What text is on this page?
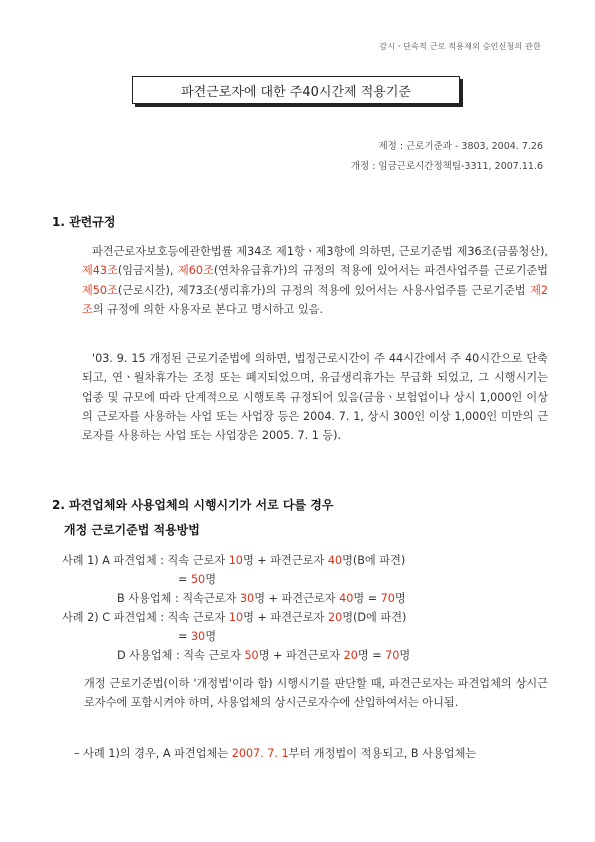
감시ㆍ단속적 근로 적용제외 승인신청의 관한
파견근로자에 대한 주40시간제 적용기준
제정 : 근로기준과 - 3803, 2004. 7.26
개정 : 임금근로시간정책팀-3311, 2007.11.6
1. 관련규정
파견근로자보호등에관한법률 제34조 제1항ㆍ제3항에 의하면, 근로기준법 제36조(금품청산), 제43조(임금지불), 제60조(연차유급휴가)의 규정의 적용에 있어서는 파견사업주를 근로기준법 제50조(근로시간), 제73조(생리휴가)의 규정의 적용에 있어서는 사용사업주를 근로기준법 제2조의 규정에 의한 사용자로 본다고 명시하고 있음.
'03. 9. 15 개정된 근로기준법에 의하면, 법정근로시간이 주 44시간에서 주 40시간으로 단축되고, 연ㆍ월차휴가는 조정 또는 폐지되었으며, 유급생리휴가는 무급화 되었고, 그 시행시기는 업종 및 규모에 따라 단계적으로 시행토록 규정되어 있음(금융ㆍ보험업이나 상시 1,000인 이상의 근로자를 사용하는 사업 또는 사업장 등은 2004. 7. 1, 상시 300인 이상 1,000인 미만의 근로자를 사용하는 사업 또는 사업장은 2005. 7. 1 등).
2. 파견업체와 사용업체의 시행시기가 서로 다를 경우
개정 근로기준법 적용방법
사례 1) A 파견업체 : 직속 근로자 10명 + 파견근로자 40명(B에 파견)
= 50명
B 사용업체 : 직속근로자 30명 + 파견근로자 40명 = 70명
사례 2) C 파견업체 : 직속 근로자 10명 + 파견근로자 20명(D에 파견)
= 30명
D 사용업체 : 직속 근로자 50명 + 파견근로자 20명 = 70명
개정 근로기준법(이하 '개정법'이라 함) 시행시기를 판단할 때, 파견근로자는 파견업체의 상시근로자수에 포함시켜야 하며, 사용업체의 상시근로자수에 산입하여서는 아니됨.
– 사례 1)의 경우, A 파견업체는 2007. 7. 1부터 개정법이 적용되고, B 사용업체는
